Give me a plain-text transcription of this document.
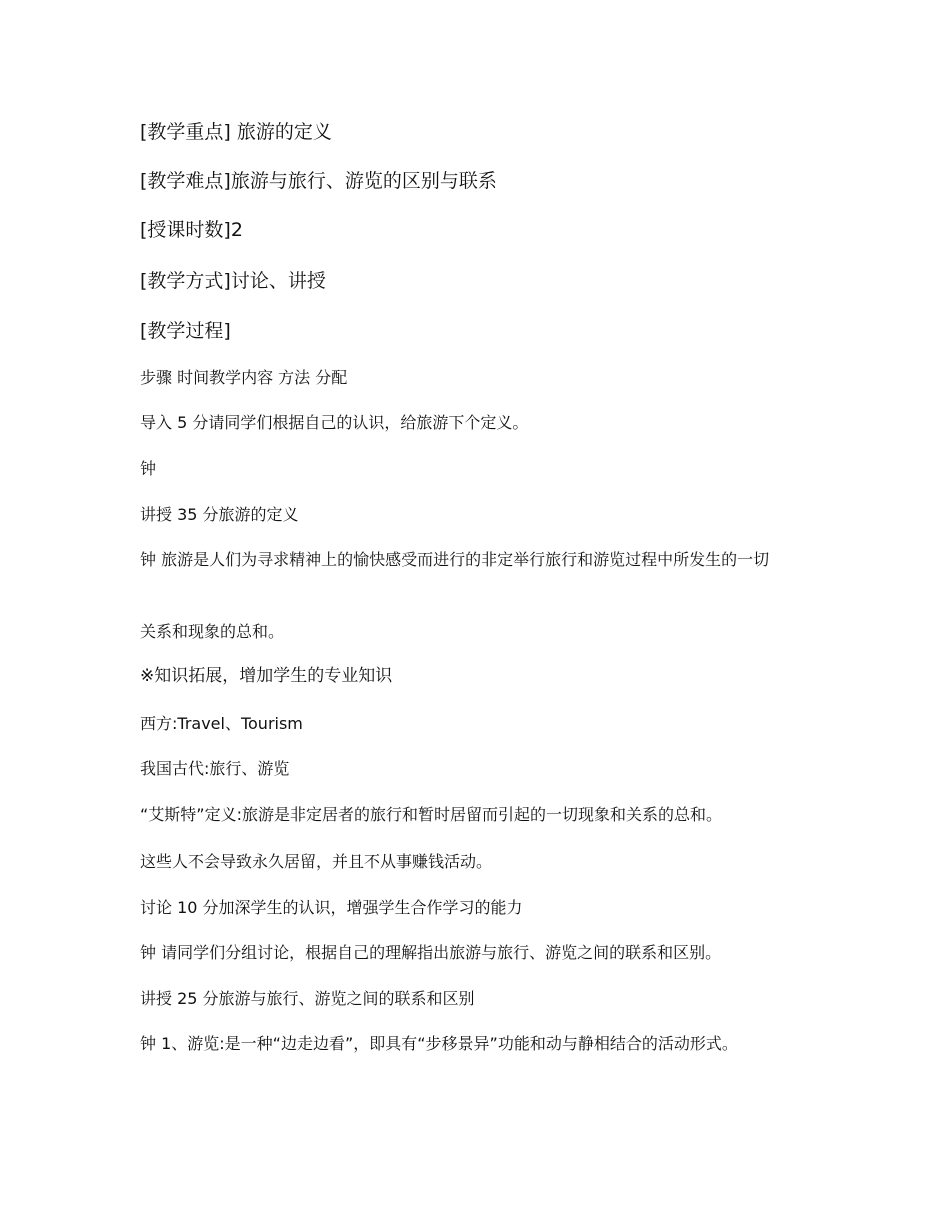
[教学重点] 旅游的定义

[教学难点]旅游与旅行、游览的区别与联系

[授课时数]2

[教学方式]讨论、讲授

[教学过程]

步骤 时间教学内容 方法 分配

导入 5 分请同学们根据自己的认识，给旅游下个定义。

钟

讲授 35 分旅游的定义

钟 旅游是人们为寻求精神上的愉快感受而进行的非定举行旅行和游览过程中所发生的一切

关系和现象的总和。

※知识拓展，增加学生的专业知识

西方:Travel、Tourism

我国古代:旅行、游览

“艾斯特”定义:旅游是非定居者的旅行和暂时居留而引起的一切现象和关系的总和。

这些人不会导致永久居留，并且不从事赚钱活动。

讨论 10 分加深学生的认识，增强学生合作学习的能力

钟 请同学们分组讨论，根据自己的理解指出旅游与旅行、游览之间的联系和区别。

讲授 25 分旅游与旅行、游览之间的联系和区别

钟 1、游览:是一种“边走边看”，即具有“步移景异”功能和动与静相结合的活动形式。
